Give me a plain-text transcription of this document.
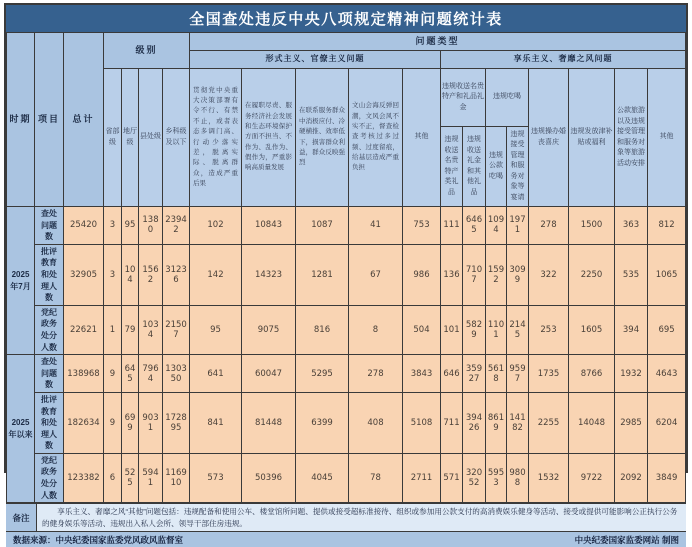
全国查处违反中央八项规定精神问题统计表
时期	项目	总计	级别				问题类型												
							形式主义、官僚主义问题					享乐主义、奢靡之风问题							
			省部级	地厅级	县处级	乡科级及以下	贯彻党中央重大决策部署有令不行、有禁不止，或者表态多调门高、行动少落实差，脱离实际、脱离群众，造成严重后果	在履职尽责、服务经济社会发展和生态环境保护方面不担当、不作为、乱作为、假作为，严重影响高质量发展	在联系服务群众中消极应付、冷硬横推、效率低下，损害群众利益，群众反映强烈	文山会海反弹回潮，文风会风不实不正，督查检查考核过多过频、过度留痕，给基层造成严重负担	其他	违规收送名贵特产和礼品礼金		违规吃喝		违规操办婚丧喜庆	违规发放津补贴或福利	公款旅游以及违规接受管理和服务对象等旅游活动安排	其他
												违规收送名贵特产类礼品	违规收送礼金和其他礼品	违规公款吃喝	违规接受管理和服务对象等宴请				
2025年7月	查处问题数	25420	3	95	1380	23942	102	10843	1087	41	753	111	6465	1094	1971	278	1500	363	812
	批评教育和处理人数	32905	3	104	1562	31236	142	14323	1281	67	986	136	7107	1592	3099	322	2250	535	1065
	党纪政务处分人数	22621	1	79	1034	21507	95	9075	816	8	504	101	5829	1101	2145	253	1605	394	695
2025年以来	查处问题数	138968	9	645	7964	130350	641	60047	5295	278	3843	646	35927	5618	9597	1735	8766	1932	4643
	批评教育和处理人数	182634	9	699	9031	172895	841	81448	6399	408	5108	711	39426	8619	14182	2255	14048	2985	6204
	党纪政务处分人数	123382	6	525	5941	116910	573	50396	4045	78	2711	571	32052	5953	9808	1532	9722	2092	3849
备注
享乐主义、奢靡之风“其他”问题包括：违规配备和使用公车、楼堂馆所问题、提供或接受超标准接待、组织或参加用公款支付的高消费娱乐健身等活动、接受或提供可能影响公正执行公务的健身娱乐等活动、违规出入私人会所、领导干部住房违规。
数据来源：中央纪委国家监委党风政风监督室	中央纪委国家监委网站 制图
